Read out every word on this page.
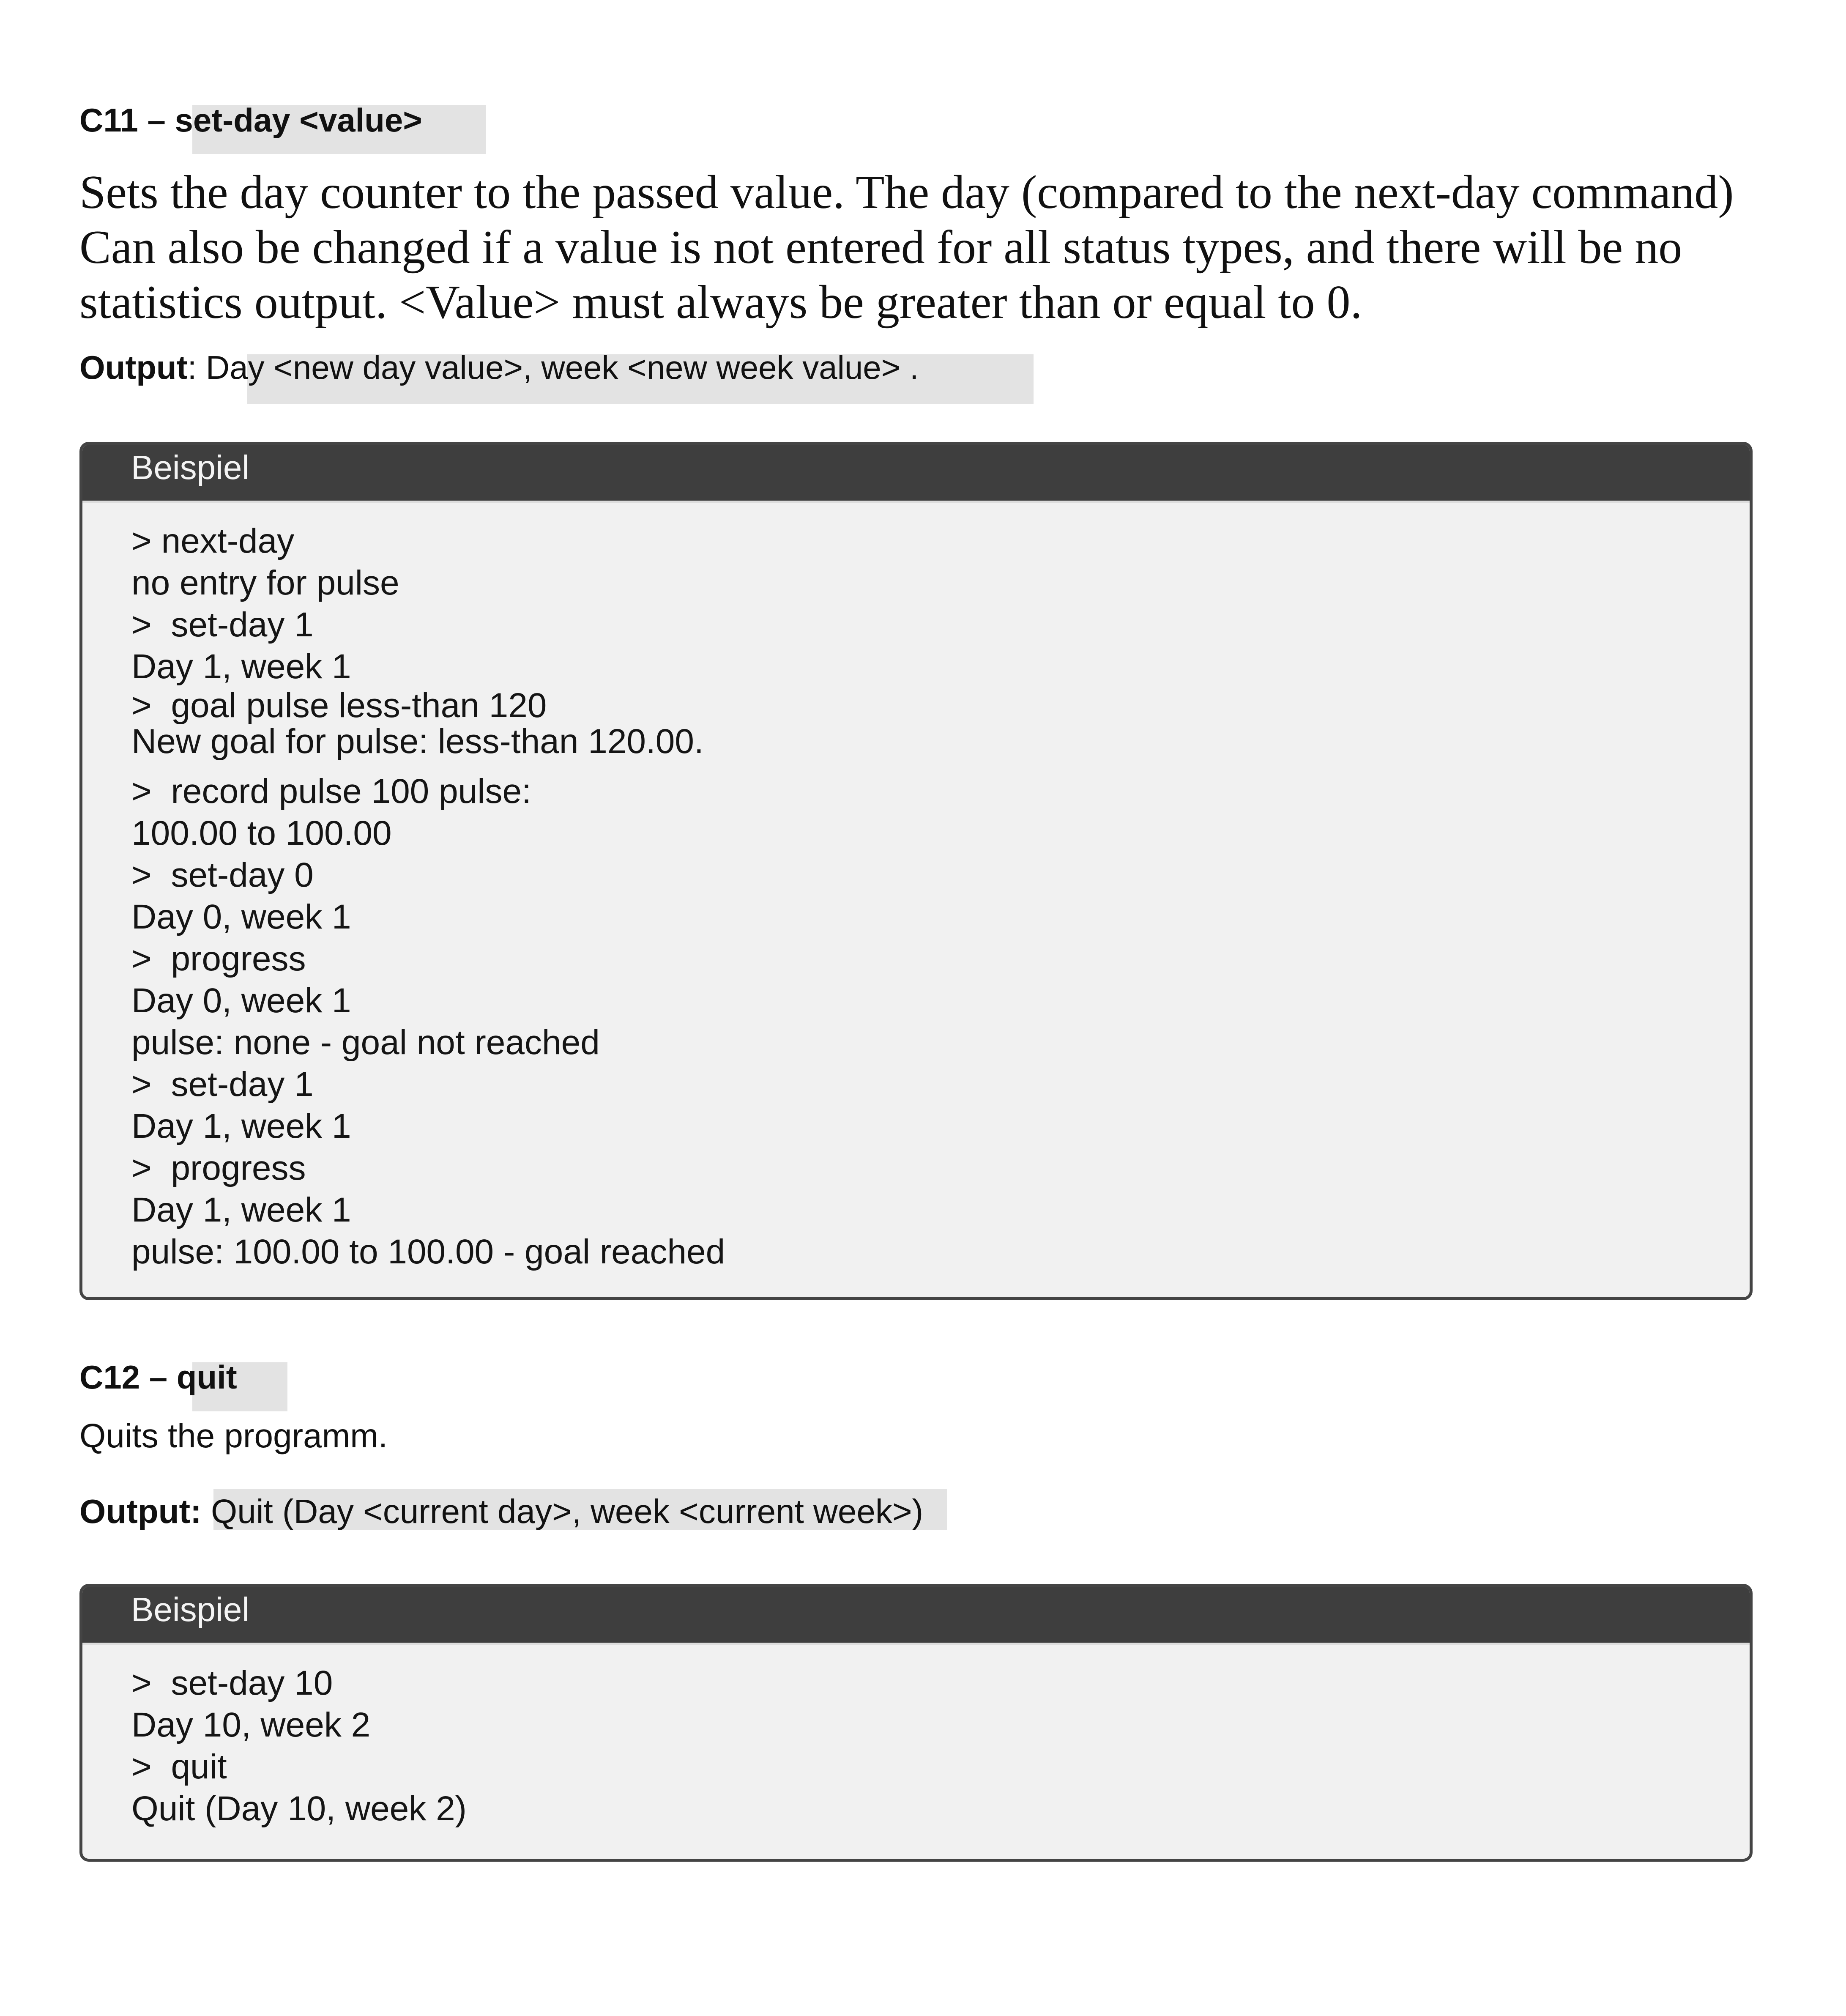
C11 – set-day <value>
Sets the day counter to the passed value. The day (compared to the next-day command)
Can also be changed if a value is not entered for all status types, and there will be no
statistics output. <Value> must always be greater than or equal to 0.

Output: Day <new day value>, week <new week value> .

Beispiel
> next-day
no entry for pulse
>  set-day 1
Day 1, week 1
>  goal pulse less-than 120
New goal for pulse: less-than 120.00.
>  record pulse 100 pulse:
100.00 to 100.00
>  set-day 0
Day 0, week 1
>  progress
Day 0, week 1
pulse: none - goal not reached
>  set-day 1
Day 1, week 1
>  progress
Day 1, week 1
pulse: 100.00 to 100.00 - goal reached
C12 – quit

Quits the programm.

Output: Quit (Day <current day>, week <current week>)

Beispiel
>  set-day 10
Day 10, week 2
>  quit
Quit (Day 10, week 2)
